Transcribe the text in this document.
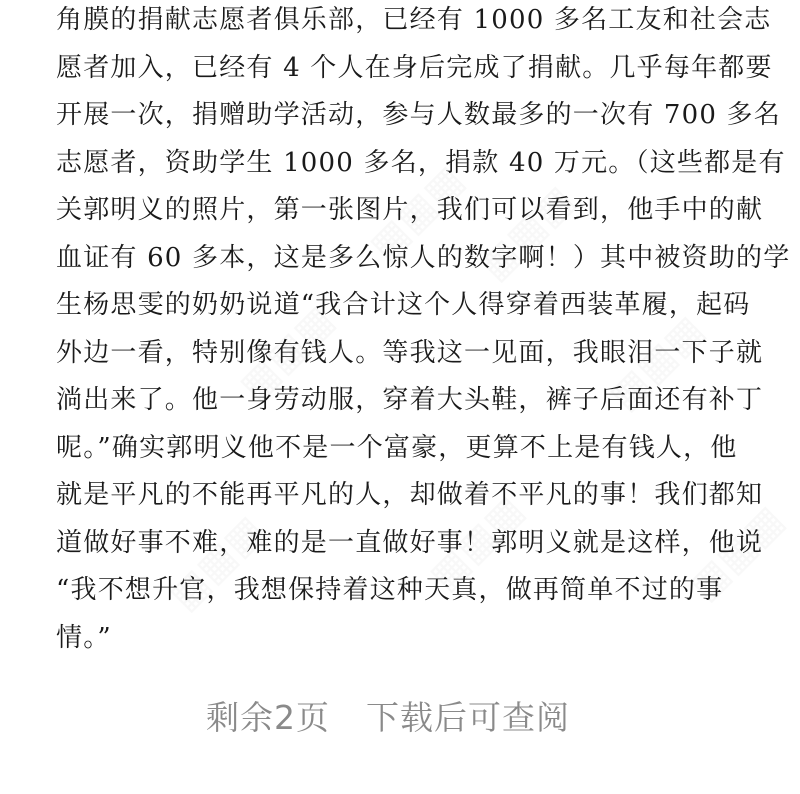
▦▦▦
▦▦▦
▦▦▦	▦▦▦
▦▦▦	▦▦▦	▦▦▦
角膜的捐献志愿者俱乐部，已经有 1000 多名工友和社会志
愿者加入，已经有 4 个人在身后完成了捐献。几乎每年都要
开展一次，捐赠助学活动，参与人数最多的一次有 700 多名
志愿者，资助学生 1000 多名，捐款 40 万元。（这些都是有
关郭明义的照片，第一张图片，我们可以看到，他手中的献
血证有 60 多本，这是多么惊人的数字啊！）其中被资助的学
生杨思雯的奶奶说道“我合计这个人得穿着西装革履，起码
外边一看，特别像有钱人。等我这一见面，我眼泪一下子就
淌出来了。他一身劳动服，穿着大头鞋，裤子后面还有补丁
呢。”确实郭明义他不是一个富豪，更算不上是有钱人，他
就是平凡的不能再平凡的人，却做着不平凡的事！我们都知
道做好事不难，难的是一直做好事！郭明义就是这样，他说
“我不想升官，我想保持着这种天真，做再简单不过的事
情。”
剩余2页 下载后可查阅
